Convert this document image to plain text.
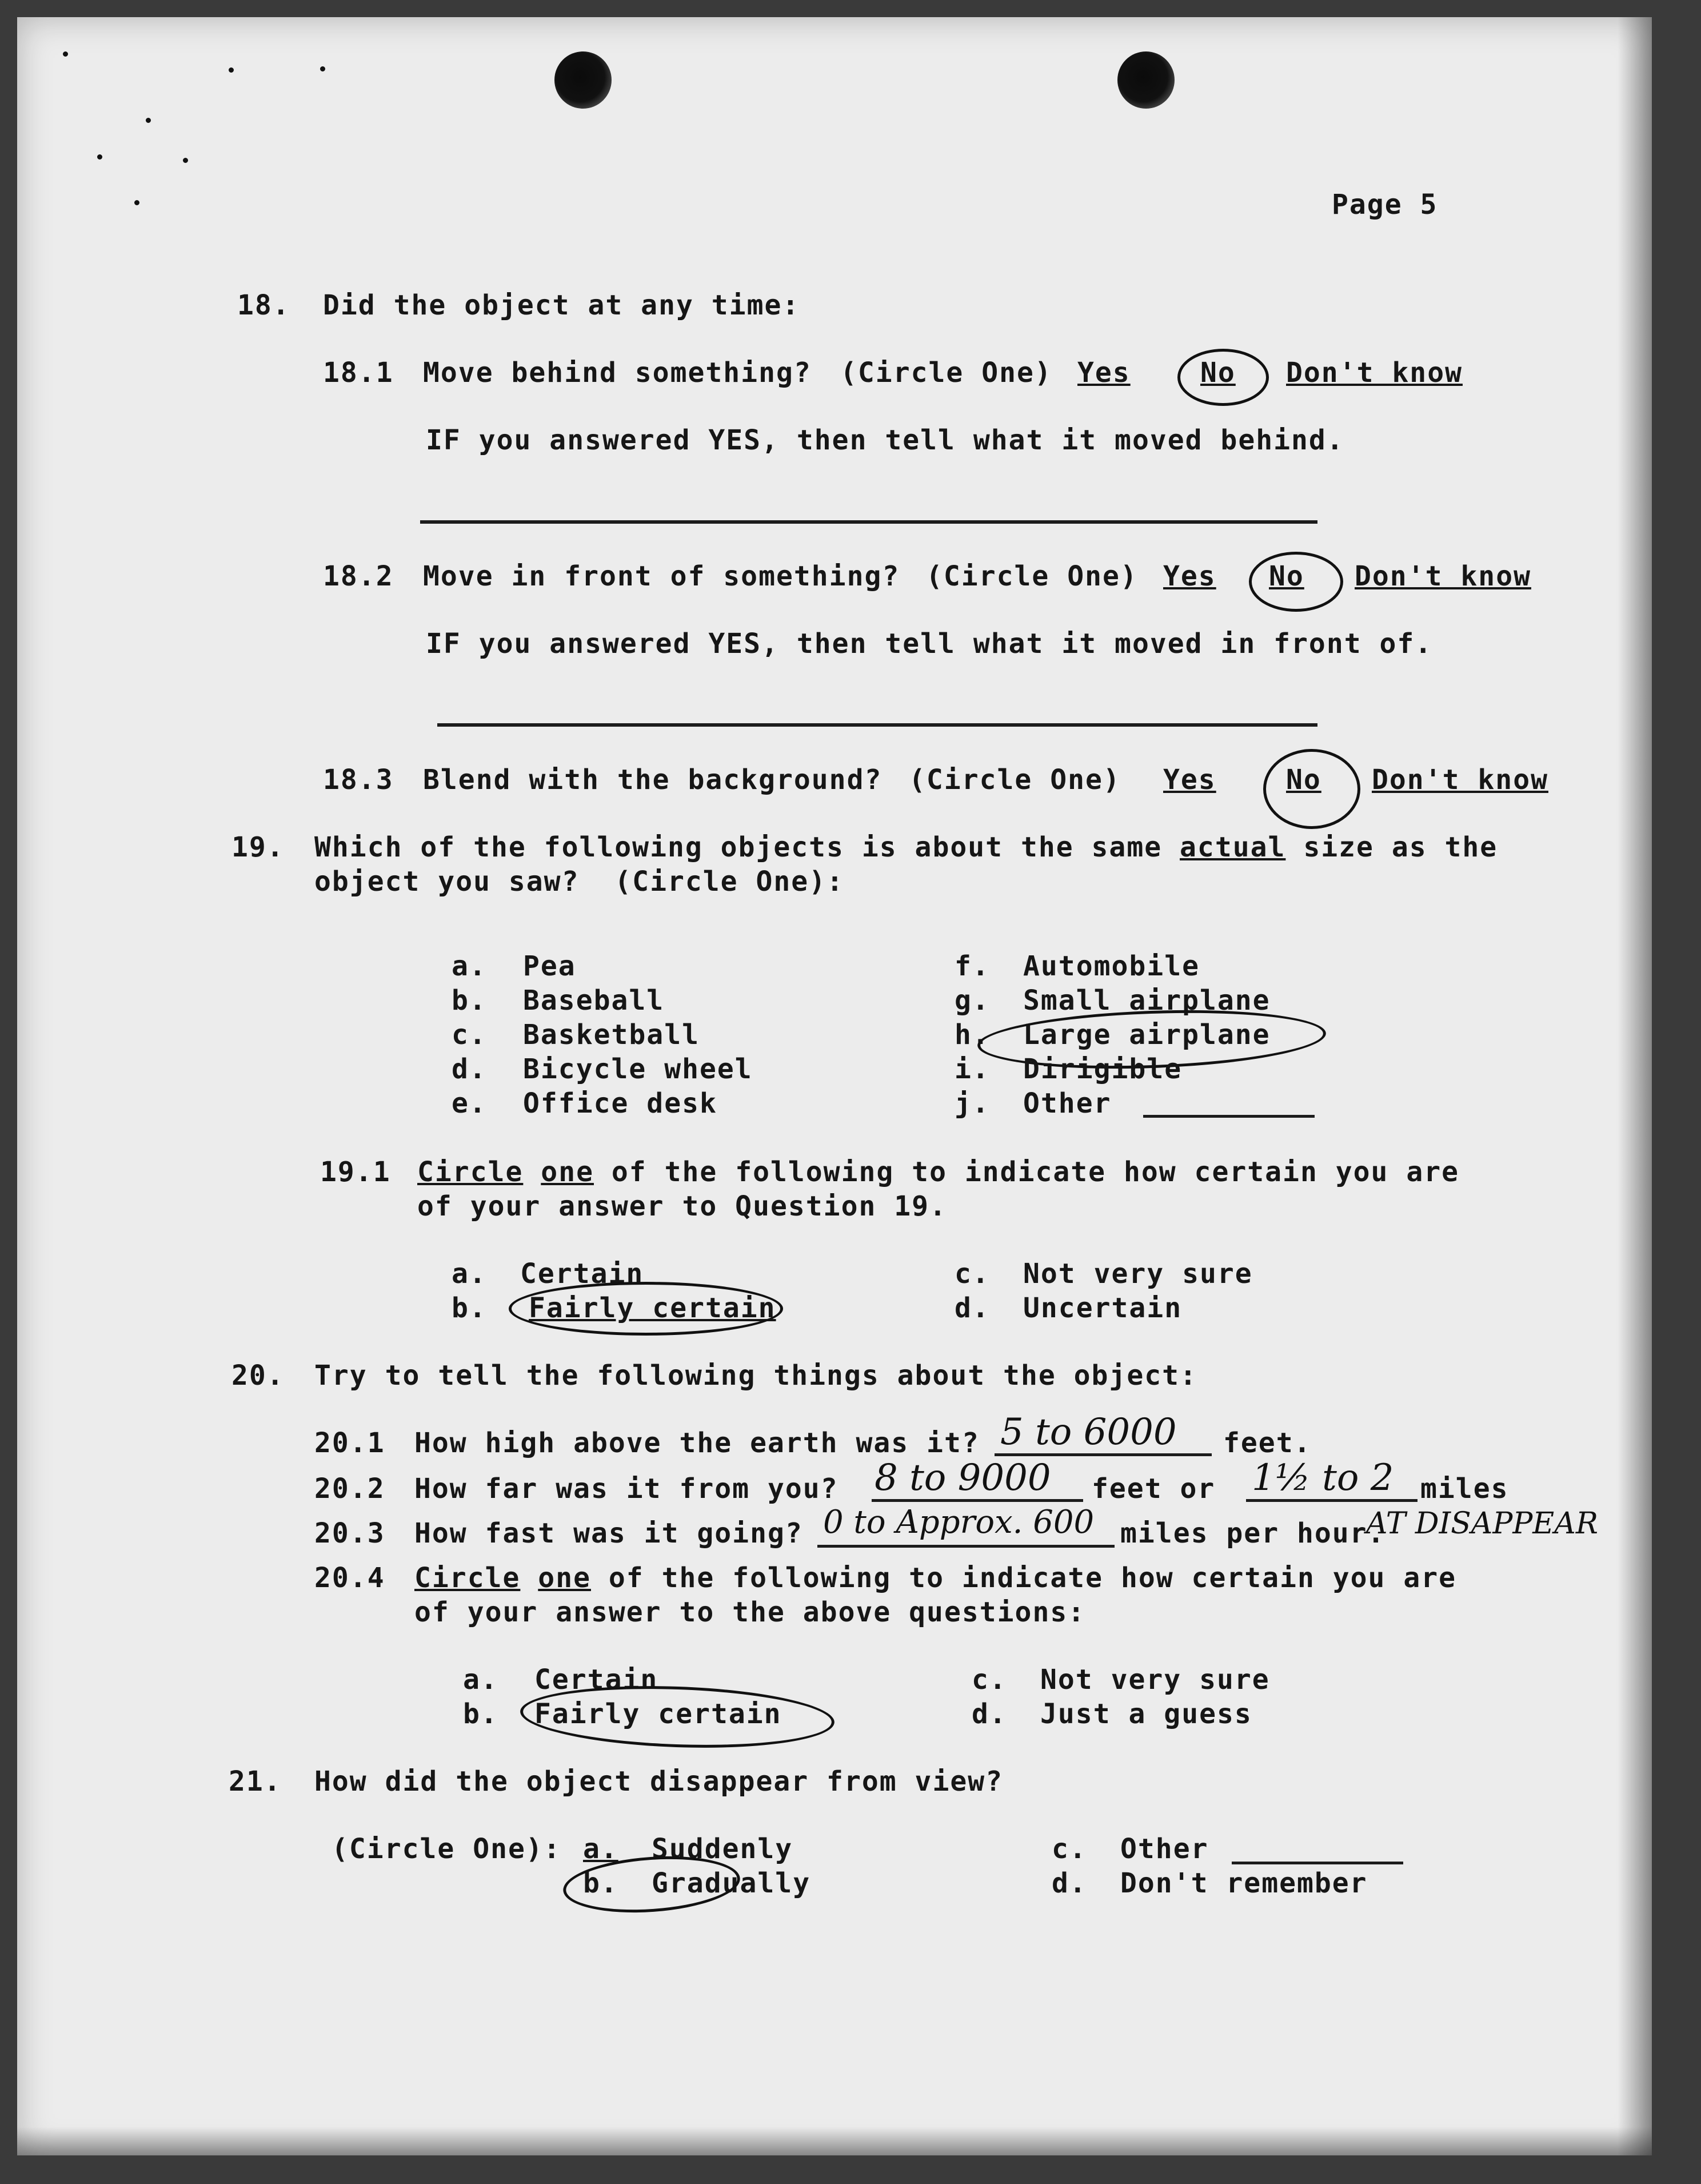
Page 5
18. Did the object at any time:
18.1 Move behind something? (Circle One) Yes	No Don't know
IF you answered YES, then tell what it moved behind.
18.2 Move in front of something? (Circle One) Yes No Don't know
IF you answered YES, then tell what it moved in front of.
18.3 Blend with the background? (Circle One) Yes	No Don't know
19. Which of the following objects is about the same actual size as the
object you saw?  (Circle One):
a. Pea
b. Baseball
c. Basketball
d. Bicycle wheel
e. Office desk
f. Automobile
g. Small airplane
h. Large airplane
i. Dirigible
j. Other
19.1 Circle one of the following to indicate how certain you are
of your answer to Question 19.
a. Certain
b. Fairly certain
c. Not very sure
d. Uncertain
20. Try to tell the following things about the object:
20.1 How high above the earth was it? 5 to 6000 feet.
20.2 How far was it from you? 8 to 9000 feet or 1½ to 2 miles
20.3 How fast was it going? 0 to Approx. 600 miles per hour.
AT DISAPPEAR
20.4 Circle one of the following to indicate how certain you are
of your answer to the above questions:
a. Certain
b. Fairly certain
c. Not very sure
d. Just a guess
21. How did the object disappear from view?
(Circle One): a. Suddenly
b. Gradually
c. Other
d. Don't remember
